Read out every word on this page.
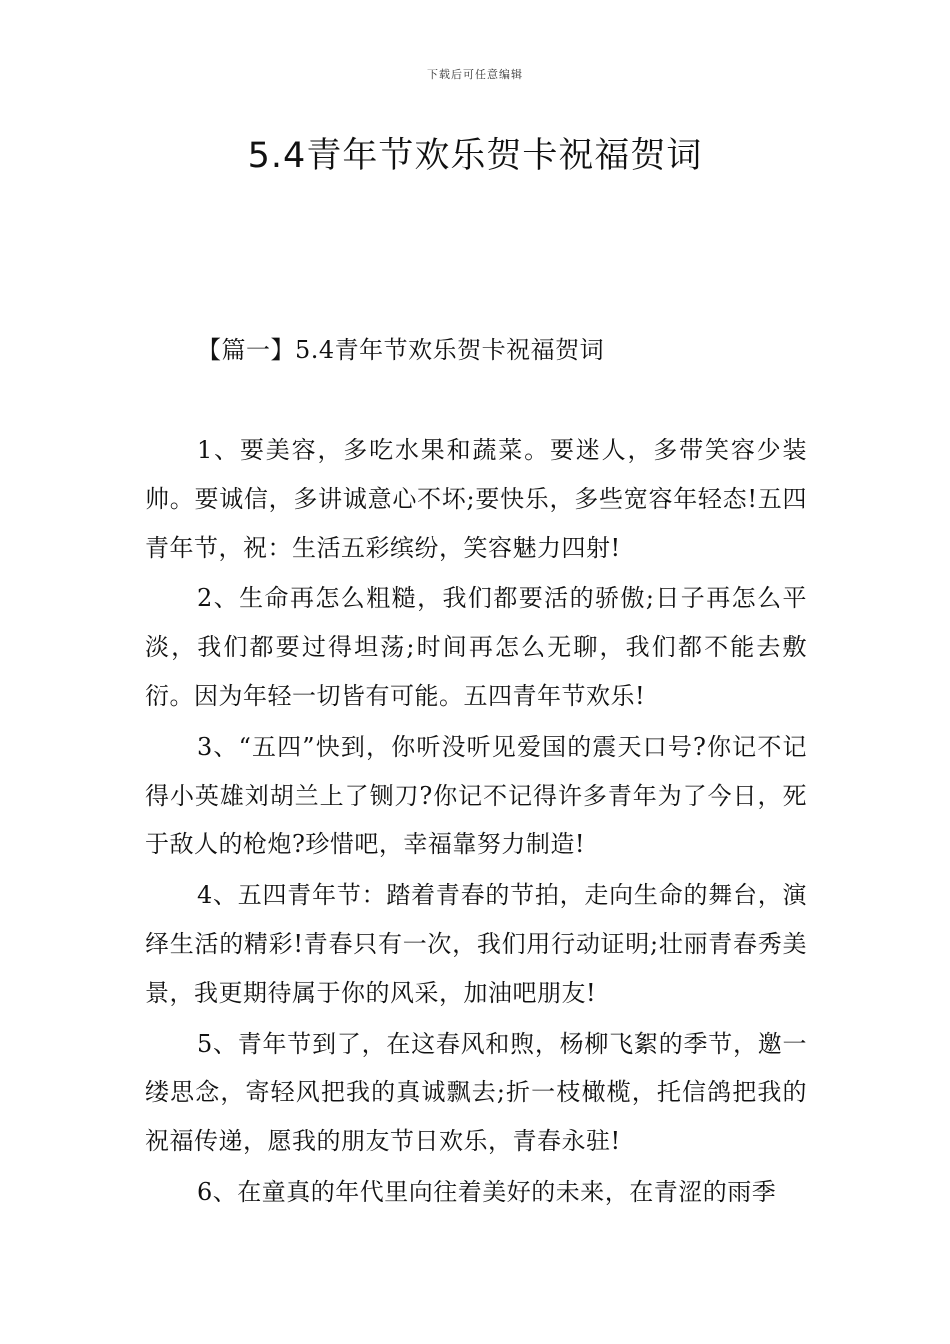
下载后可任意编辑
5.4青年节欢乐贺卡祝福贺词
【篇一】5.4青年节欢乐贺卡祝福贺词

1、要美容，多吃水果和蔬菜。要迷人，多带笑容少装帅。要诚信，多讲诚意心不坏;要快乐，多些宽容年轻态!五四青年节，祝：生活五彩缤纷，笑容魅力四射!

2、生命再怎么粗糙，我们都要活的骄傲;日子再怎么平淡，我们都要过得坦荡;时间再怎么无聊，我们都不能去敷衍。因为年轻一切皆有可能。五四青年节欢乐!

3、“五四”快到，你听没听见爱国的震天口号?你记不记得小英雄刘胡兰上了铡刀?你记不记得许多青年为了今日，死于敌人的枪炮?珍惜吧，幸福靠努力制造!

4、五四青年节：踏着青春的节拍，走向生命的舞台，演绎生活的精彩!青春只有一次，我们用行动证明;壮丽青春秀美景，我更期待属于你的风采，加油吧朋友!

5、青年节到了，在这春风和煦，杨柳飞絮的季节，邀一缕思念，寄轻风把我的真诚飘去;折一枝橄榄，托信鸽把我的祝福传递，愿我的朋友节日欢乐，青春永驻!

6、在童真的年代里向往着美好的未来，在青涩的雨季
